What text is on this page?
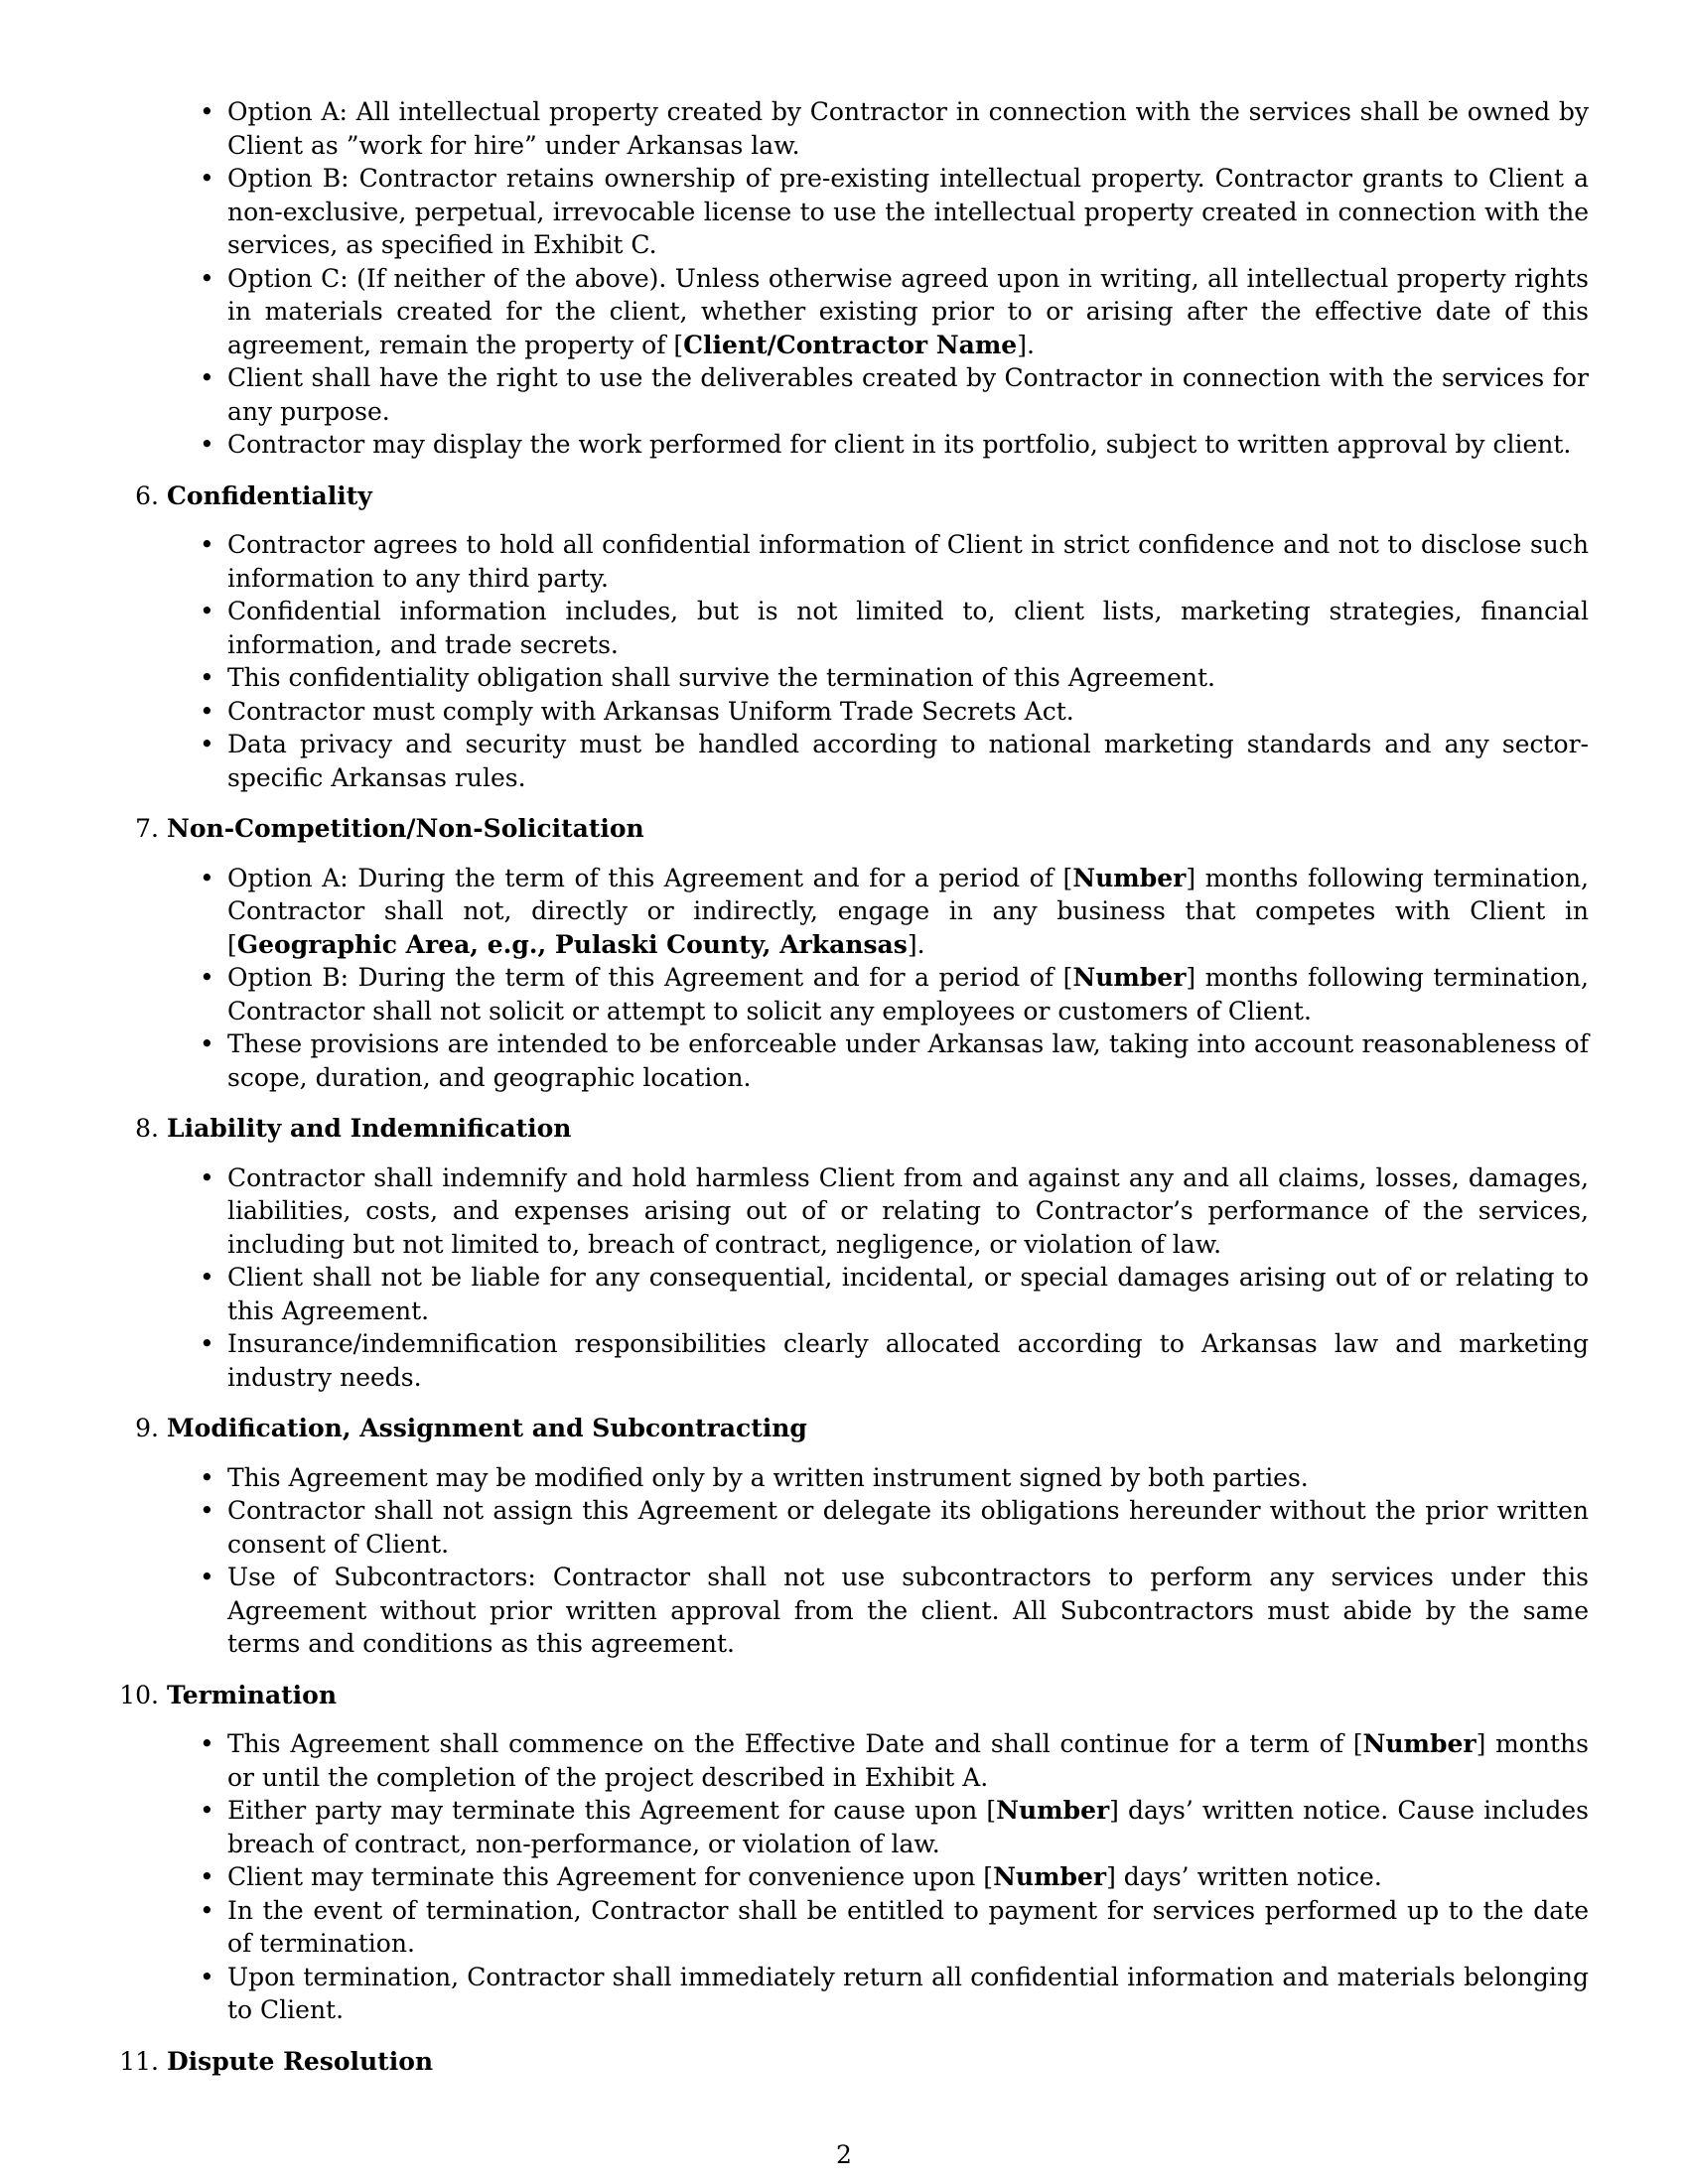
• Option A: All intellectual property created by Contractor in connection with the services shall be owned by Client as ”work for hire” under Arkansas law.
• Option B: Contractor retains ownership of pre-existing intellectual property. Contractor grants to Client a non-exclusive, perpetual, irrevocable license to use the intellectual property created in connection with the services, as specified in Exhibit C.
• Option C: (If neither of the above). Unless otherwise agreed upon in writing, all intellectual property rights in materials created for the client, whether existing prior to or arising after the effective date of this agreement, remain the property of [Client/Contractor Name].
• Client shall have the right to use the deliverables created by Contractor in connection with the services for any purpose.
• Contractor may display the work performed for client in its portfolio, subject to written approval by client.
6. Confidentiality
• Contractor agrees to hold all confidential information of Client in strict confidence and not to disclose such information to any third party.
• Confidential information includes, but is not limited to, client lists, marketing strategies, financial information, and trade secrets.
• This confidentiality obligation shall survive the termination of this Agreement.
• Contractor must comply with Arkansas Uniform Trade Secrets Act.
• Data privacy and security must be handled according to national marketing standards and any sector-specific Arkansas rules.
7. Non-Competition/Non-Solicitation
• Option A: During the term of this Agreement and for a period of [Number] months following termination, Contractor shall not, directly or indirectly, engage in any business that competes with Client in [Geographic Area, e.g., Pulaski County, Arkansas].
• Option B: During the term of this Agreement and for a period of [Number] months following termination, Contractor shall not solicit or attempt to solicit any employees or customers of Client.
• These provisions are intended to be enforceable under Arkansas law, taking into account reasonableness of scope, duration, and geographic location.
8. Liability and Indemnification
• Contractor shall indemnify and hold harmless Client from and against any and all claims, losses, damages, liabilities, costs, and expenses arising out of or relating to Contractor’s performance of the services, including but not limited to, breach of contract, negligence, or violation of law.
• Client shall not be liable for any consequential, incidental, or special damages arising out of or relating to this Agreement.
• Insurance/indemnification responsibilities clearly allocated according to Arkansas law and marketing industry needs.
9. Modification, Assignment and Subcontracting
• This Agreement may be modified only by a written instrument signed by both parties.
• Contractor shall not assign this Agreement or delegate its obligations hereunder without the prior written consent of Client.
• Use of Subcontractors: Contractor shall not use subcontractors to perform any services under this Agreement without prior written approval from the client. All Subcontractors must abide by the same terms and conditions as this agreement.
10. Termination
• This Agreement shall commence on the Effective Date and shall continue for a term of [Number] months or until the completion of the project described in Exhibit A.
• Either party may terminate this Agreement for cause upon [Number] days’ written notice. Cause includes breach of contract, non-performance, or violation of law.
• Client may terminate this Agreement for convenience upon [Number] days’ written notice.
• In the event of termination, Contractor shall be entitled to payment for services performed up to the date of termination.
• Upon termination, Contractor shall immediately return all confidential information and materials belonging to Client.
11. Dispute Resolution
2
